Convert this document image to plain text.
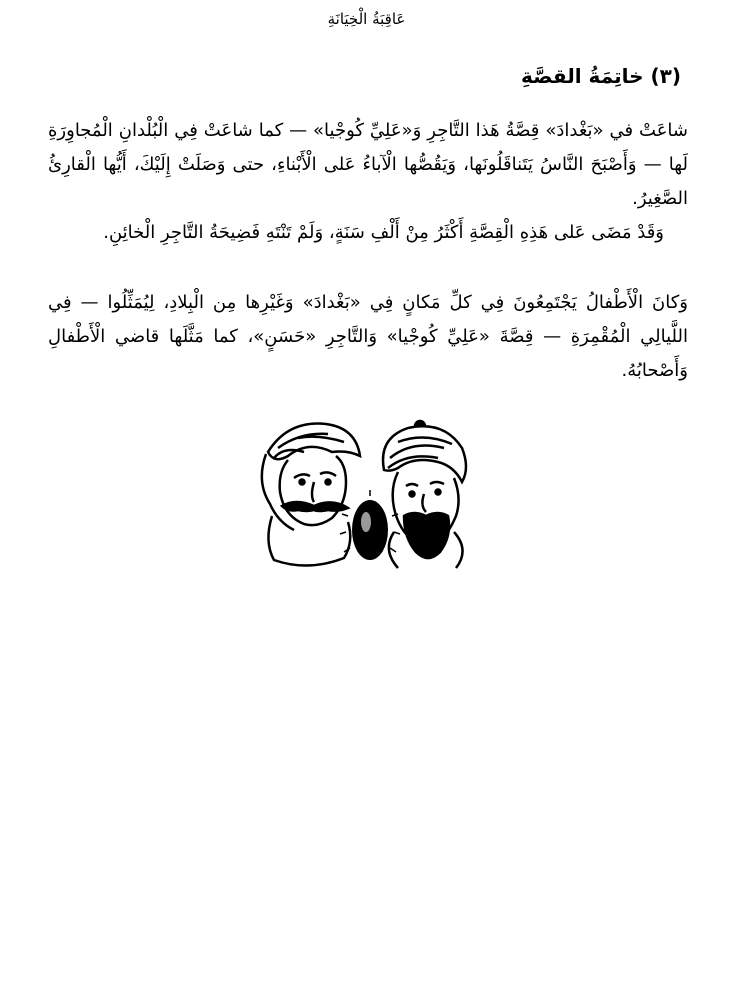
عَاقِبَةُ الْخِيَانَةِ
(٣) خاتِمَةُ القصَّةِ

شاعَتْ في «بَغْدادَ» قِصَّةُ هَذا التَّاجِرِ وَ«عَلِيِّ كُوجْيا» — كما شاعَتْ فِي الْبُلْدانِ الْمُجاوِرَةِ لَها — وَأَصْبَحَ النَّاسُ يَتَناقَلُونَها، وَيَقُصُّها الْآباءُ عَلى الْأَبْناءِ، حتى وَصَلَتْ إِلَيْكَ، أَيُّها الْقارِئُ الصَّغِيرُ.

وَقَدْ مَضَى عَلى هَذِهِ الْقِصَّةِ أَكْثَرُ مِنْ أَلْفِ سَنَةٍ، وَلَمْ تَنْتَهِ فَضِيحَةُ التَّاجِرِ الْخائِنِ.

وَكانَ الْأَطْفالُ يَجْتَمِعُونَ فِي كلِّ مَكانٍ فِي «بَغْدادَ» وَغَيْرِها مِن الْبِلادِ، لِيُمَثِّلُوا — فِي اللَّيالِي الْمُقْمِرَةِ — قِصَّةَ «عَلِيِّ كُوجْيا» وَالتَّاجِرِ «حَسَنٍ»، كما مَثَّلَها قاضي الْأَطْفالِ وَأَصْحابُهُ.
